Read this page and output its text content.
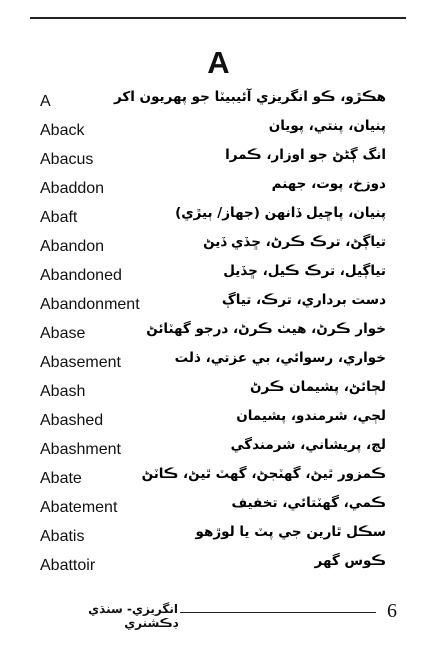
A
A	هڪڙو، ڪو انگريزي آئيبيٽا جو پهريون اکر
Aback	پنيان، پنتي، پويان
Abacus	انگ ڳڻڻ جو اوزار، ڪمرا
Abaddon	دوزخ، پوت، جهنم
Abaft	پنيان، پاڇيل ڏانهن (جهاز/ ٻيڙي)
Abandon	تياڳڻ، ترڪ ڪرڻ، ڇڏي ڏيڻ
Abandoned	تياڳيل، ترڪ ڪيل، ڇڏيل
Abandonment	دست برداري، ترڪ، تياڳ
Abase	خوار ڪرڻ، هيٺ ڪرڻ، درجو گهٽائڻ
Abasement	خواري، رسوائي، بي عزتي، ذلت
Abash	لڄائڻ، پشيمان ڪرڻ
Abashed	لڄي، شرمندو، پشيمان
Abashment	لڄ، پريشاني، شرمندگي
Abate	ڪمزور ٿيڻ، گهٽجڻ، گهٽ ٿيڻ، ڪاٽڻ
Abatement	ڪمي، گهٽتائي، تخفيف
Abatis	سڪل ٿارين جي پٽ يا لوڙهو
Abattoir	ڪوس گهر
انگريزي- سنڌي ڊڪشنري
6
